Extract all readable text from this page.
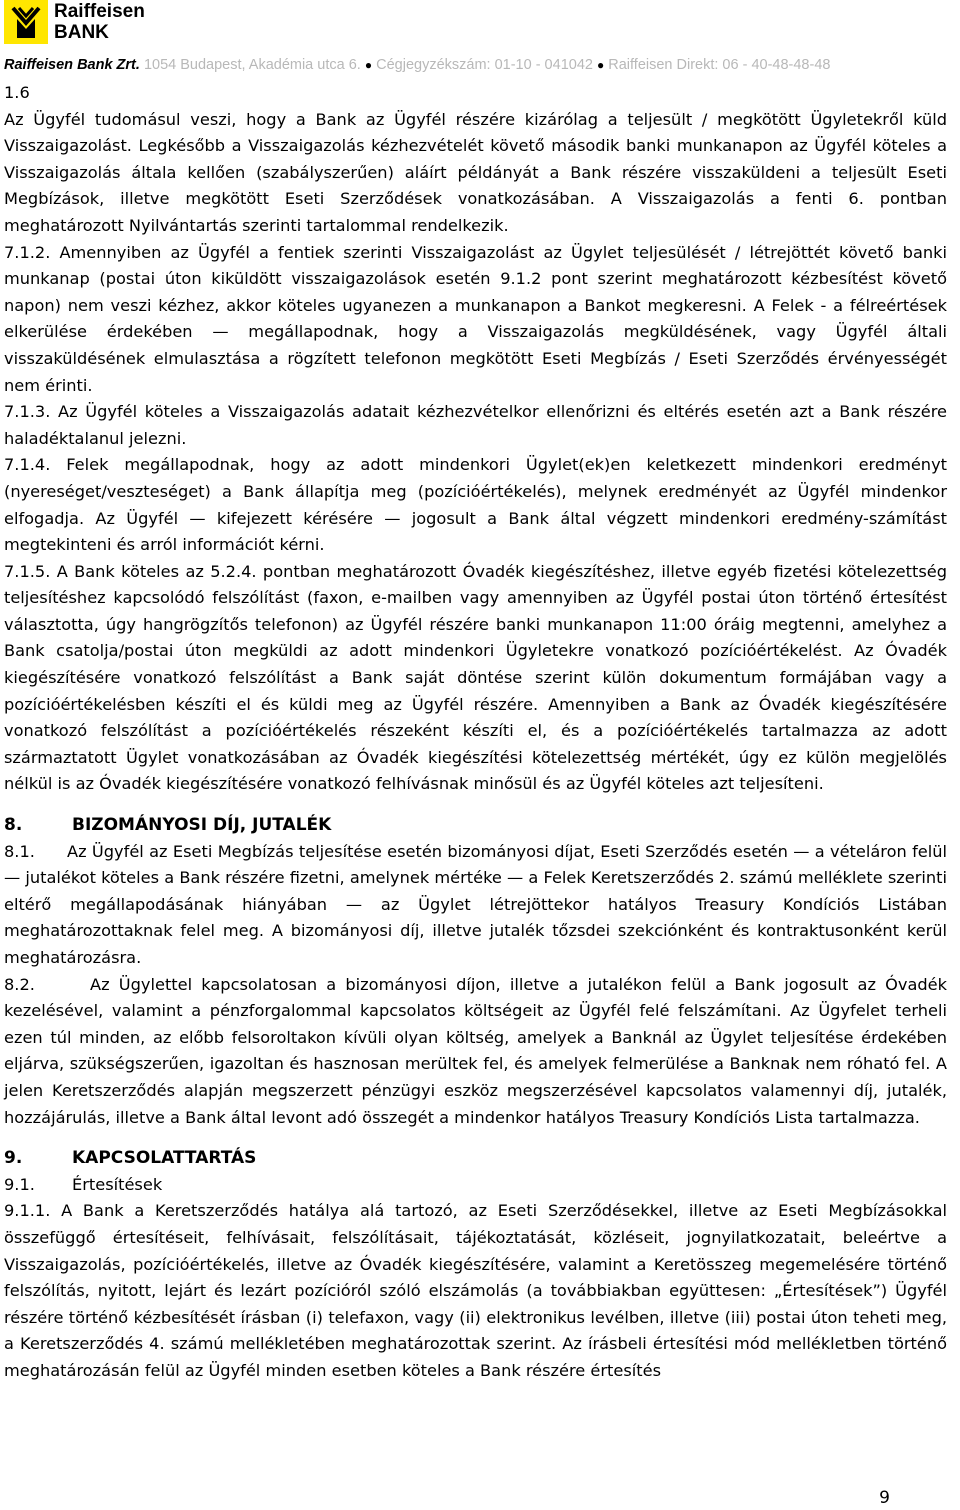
Raiffeisen
BANK
Raiffeisen Bank Zrt. 1054 Budapest, Akadémia utca 6. ● Cégjegyzékszám: 01-10 - 041042 ● Raiffeisen Direkt: 06 - 40-48-48-48

1.6

Az Ügyfél tudomásul veszi, hogy a Bank az Ügyfél részére kizárólag a teljesült / megkötött Ügyletekről küld Visszaigazolást. Legkésőbb a Visszaigazolás kézhezvételét követő második banki munkanapon az Ügyfél köteles a Visszaigazolás általa kellően (szabályszerűen) aláírt példányát a Bank részére visszaküldeni a teljesült Eseti Megbízások, illetve megkötött Eseti Szerződések vonatkozásában. A Visszaigazolás a fenti 6. pontban meghatározott Nyilvántartás szerinti tartalommal rendelkezik.

7.1.2. Amennyiben az Ügyfél a fentiek szerinti Visszaigazolást az Ügylet teljesülését / létrejöttét követő banki munkanap (postai úton kiküldött visszaigazolások esetén 9.1.2 pont szerint meghatározott kézbesítést követő napon) nem veszi kézhez, akkor köteles ugyanezen a munkanapon a Bankot megkeresni. A Felek - a félreértések elkerülése érdekében — megállapodnak, hogy a Visszaigazolás megküldésének, vagy Ügyfél általi visszaküldésének elmulasztása a rögzített telefonon megkötött Eseti Megbízás / Eseti Szerződés érvényességét nem érinti.

7.1.3. Az Ügyfél köteles a Visszaigazolás adatait kézhezvételkor ellenőrizni és eltérés esetén azt a Bank részére haladéktalanul jelezni.

7.1.4. Felek megállapodnak, hogy az adott mindenkori Ügylet(ek)en keletkezett mindenkori eredményt (nyereséget/veszteséget) a Bank állapítja meg (pozícióértékelés), melynek eredményét az Ügyfél mindenkor elfogadja. Az Ügyfél — kifejezett kérésére — jogosult a Bank által végzett mindenkori eredmény-számítást megtekinteni és arról információt kérni.

7.1.5. A Bank köteles az 5.2.4. pontban meghatározott Óvadék kiegészítéshez, illetve egyéb fizetési kötelezettség teljesítéshez kapcsolódó felszólítást (faxon, e-mailben vagy amennyiben az Ügyfél postai úton történő értesítést választotta, úgy hangrögzítős telefonon) az Ügyfél részére banki munkanapon 11:00 óráig megtenni, amelyhez a Bank csatolja/postai úton megküldi az adott mindenkori Ügyletekre vonatkozó pozícióértékelést. Az Óvadék kiegészítésére vonatkozó felszólítást a Bank saját döntése szerint külön dokumentum formájában vagy a pozícióértékelésben készíti el és küldi meg az Ügyfél részére. Amennyiben a Bank az Óvadék kiegészítésére vonatkozó felszólítást a pozícióértékelés részeként készíti el, és a pozícióértékelés tartalmazza az adott származtatott Ügylet vonatkozásában az Óvadék kiegészítési kötelezettség mértékét, úgy ez külön megjelölés nélkül is az Óvadék kiegészítésére vonatkozó felhívásnak minősül és az Ügyfél köteles azt teljesíteni.

8.	BIZOMÁNYOSI DÍJ, JUTALÉK

8.1.      Az Ügyfél az Eseti Megbízás teljesítése esetén bizományosi díjat, Eseti Szerződés esetén — a vételáron felül — jutalékot köteles a Bank részére fizetni, amelynek mértéke — a Felek Keretszerződés 2. számú melléklete szerinti eltérő megállapodásának hiányában — az Ügylet létrejöttekor hatályos Treasury Kondíciós Listában meghatározottaknak felel meg. A bizományosi díj, illetve jutalék tőzsdei szekciónként és kontraktusonként kerül meghatározásra.

8.2.      Az Ügylettel kapcsolatosan a bizományosi díjon, illetve a jutalékon felül a Bank jogosult az Óvadék kezelésével, valamint a pénzforgalommal kapcsolatos költségeit az Ügyfél felé felszámítani. Az Ügyfelet terheli ezen túl minden, az előbb felsoroltakon kívüli olyan költség, amelyek a Banknál az Ügylet teljesítése érdekében eljárva, szükségszerűen, igazoltan és hasznosan merültek fel, és amelyek felmerülése a Banknak nem róható fel. A jelen Keretszerződés alapján megszerzett pénzügyi eszköz megszerzésével kapcsolatos valamennyi díj, jutalék, hozzájárulás, illetve a Bank által levont adó összegét a mindenkor hatályos Treasury Kondíciós Lista tartalmazza.

9.	KAPCSOLATTARTÁS
9.1. Értesítések

9.1.1. A Bank a Keretszerződés hatálya alá tartozó, az Eseti Szerződésekkel, illetve az Eseti Megbízásokkal összefüggő értesítéseit, felhívásait, felszólításait, tájékoztatását, közléseit, jognyilatkozatait, beleértve a Visszaigazolás, pozícióértékelés, illetve az Óvadék kiegészítésére, valamint a Keretösszeg megemelésére történő felszólítás, nyitott, lejárt és lezárt pozícióról szóló elszámolás (a továbbiakban együttesen: „Értesítések”) Ügyfél részére történő kézbesítését írásban (i) telefaxon, vagy (ii) elektronikus levélben, illetve (iii) postai úton teheti meg, a Keretszerződés 4. számú mellékletében meghatározottak szerint. Az írásbeli értesítési mód mellékletben történő meghatározásán felül az Ügyfél minden esetben köteles a Bank részére értesítés

9
